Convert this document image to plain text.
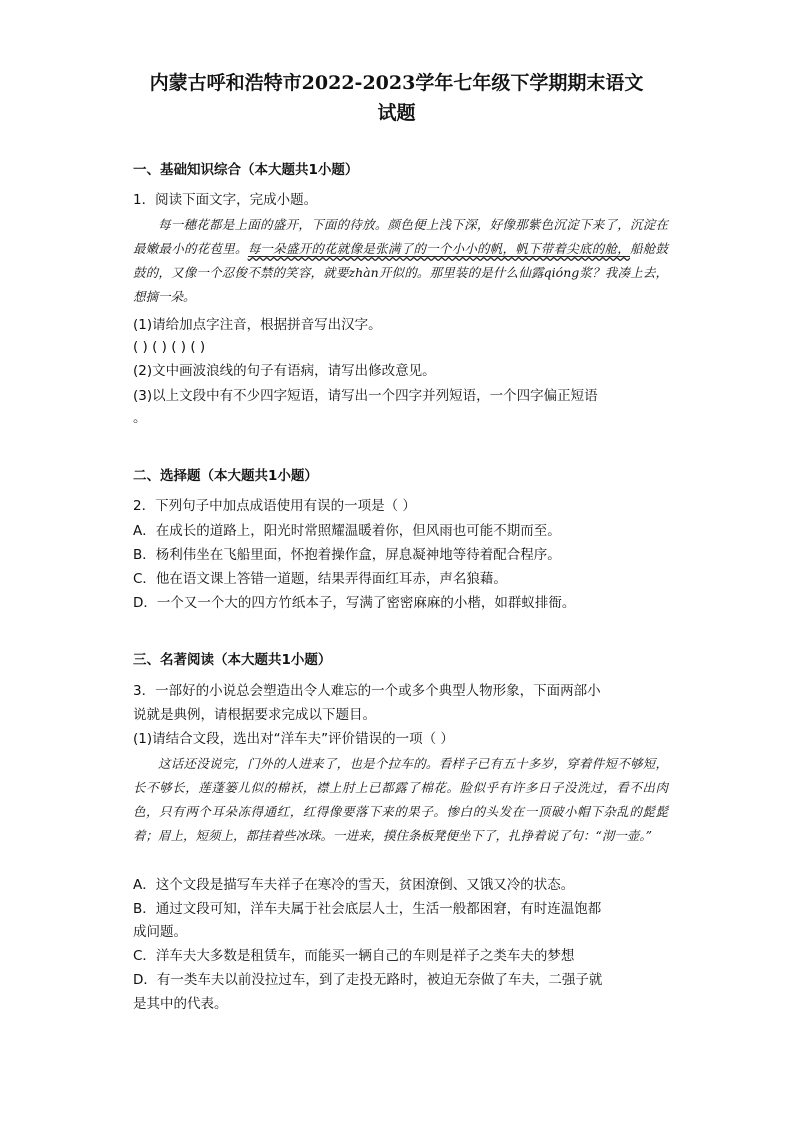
内蒙古呼和浩特市2022-2023学年七年级下学期期末语文
试题
一、基础知识综合（本大题共1小题）
1．阅读下面文字，完成小题。

每一穗花都是上面的盛开，下面的待放。颜色便上浅下深，好像那紫色沉淀下来了，沉淀在最嫩最小的花苞里。每一朵盛开的花就像是张满了的一个小小的帆，帆下带着尖底的舱，船舱鼓鼓的，又像一个忍俊不禁的笑容，就要zhàn开似的。那里装的是什么仙露qióng浆？我凑上去，想摘一朵。

(1)请给加点字注音，根据拼音写出汉字。
( ) ( ) ( ) ( )
(2)文中画波浪线的句子有语病，请写出修改意见。
(3)以上文段中有不少四字短语，请写出一个四字并列短语，一个四字偏正短语
。
二、选择题（本大题共1小题）
2．下列句子中加点成语使用有误的一项是（ ）
A．在成长的道路上，阳光时常照耀温暖着你，但风雨也可能不期而至。
B．杨利伟坐在飞船里面，怀抱着操作盒，屏息凝神地等待着配合程序。
C．他在语文课上答错一道题，结果弄得面红耳赤，声名狼藉。
D．一个又一个大的四方竹纸本子，写满了密密麻麻的小楷，如群蚁排衙。
三、名著阅读（本大题共1小题）
3．一部好的小说总会塑造出令人难忘的一个或多个典型人物形象，下面两部小
说就是典例，请根据要求完成以下题目。
(1)请结合文段，选出对“洋车夫”评价错误的一项（ ）

这话还没说完，门外的人进来了，也是个拉车的。看样子已有五十多岁，穿着件短不够短，长不够长，莲蓬篓儿似的棉袄，襟上肘上已都露了棉花。脸似乎有许多日子没洗过，看不出肉色，只有两个耳朵冻得通红，红得像要落下来的果子。惨白的头发在一顶破小帽下杂乱的髭髭着；眉上，短须上，都挂着些冰珠。一进来，摸住条板凳便坐下了，扎挣着说了句：“沏一壶。”

A．这个文段是描写车夫祥子在寒冷的雪天，贫困潦倒、又饿又冷的状态。
B．通过文段可知，洋车夫属于社会底层人士，生活一般都困窘，有时连温饱都
成问题。
C．洋车夫大多数是租赁车，而能买一辆自己的车则是祥子之类车夫的梦想
D．有一类车夫以前没拉过车，到了走投无路时，被迫无奈做了车夫，二强子就
是其中的代表。
